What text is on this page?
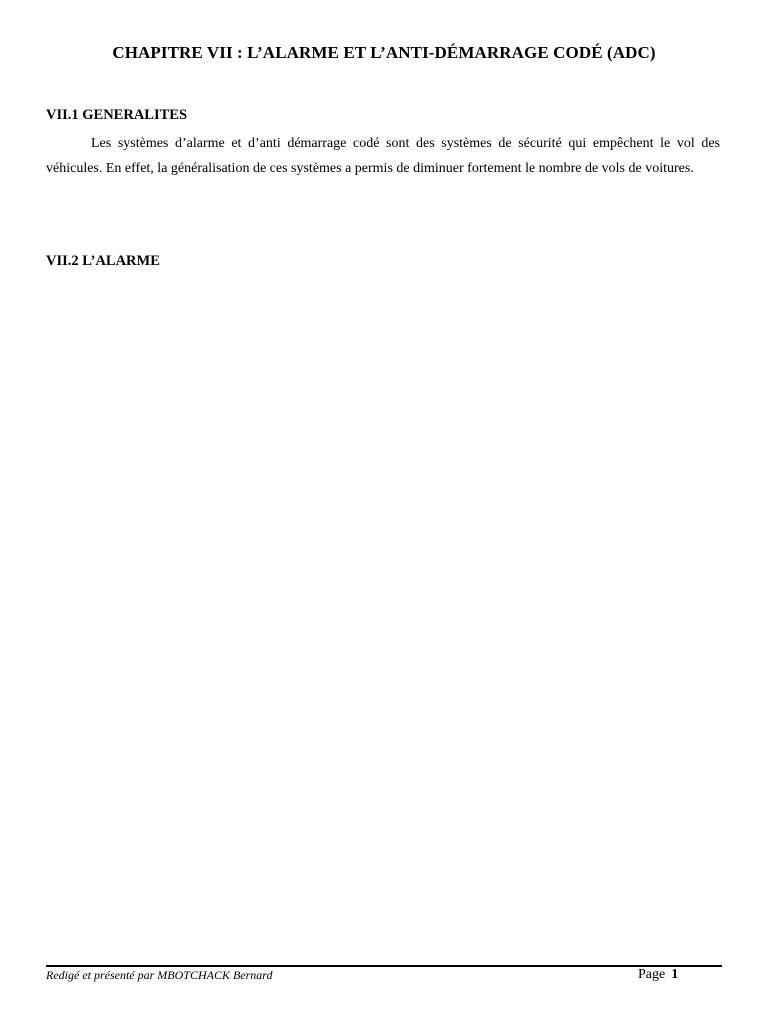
CHAPITRE VII : L’ALARME ET L’ANTI-DÉMARRAGE CODÉ (ADC)
VII.1 GENERALITES

Les systèmes d’alarme et d’anti démarrage codé sont des systèmes de sécurité qui empêchent le vol des véhicules. En effet, la généralisation de ces systèmes a permis de diminuer fortement le nombre de vols de voitures.

VII.2 L’ALARME
Redigé et présenté par MBOTCHACK Bernard	Page 1
